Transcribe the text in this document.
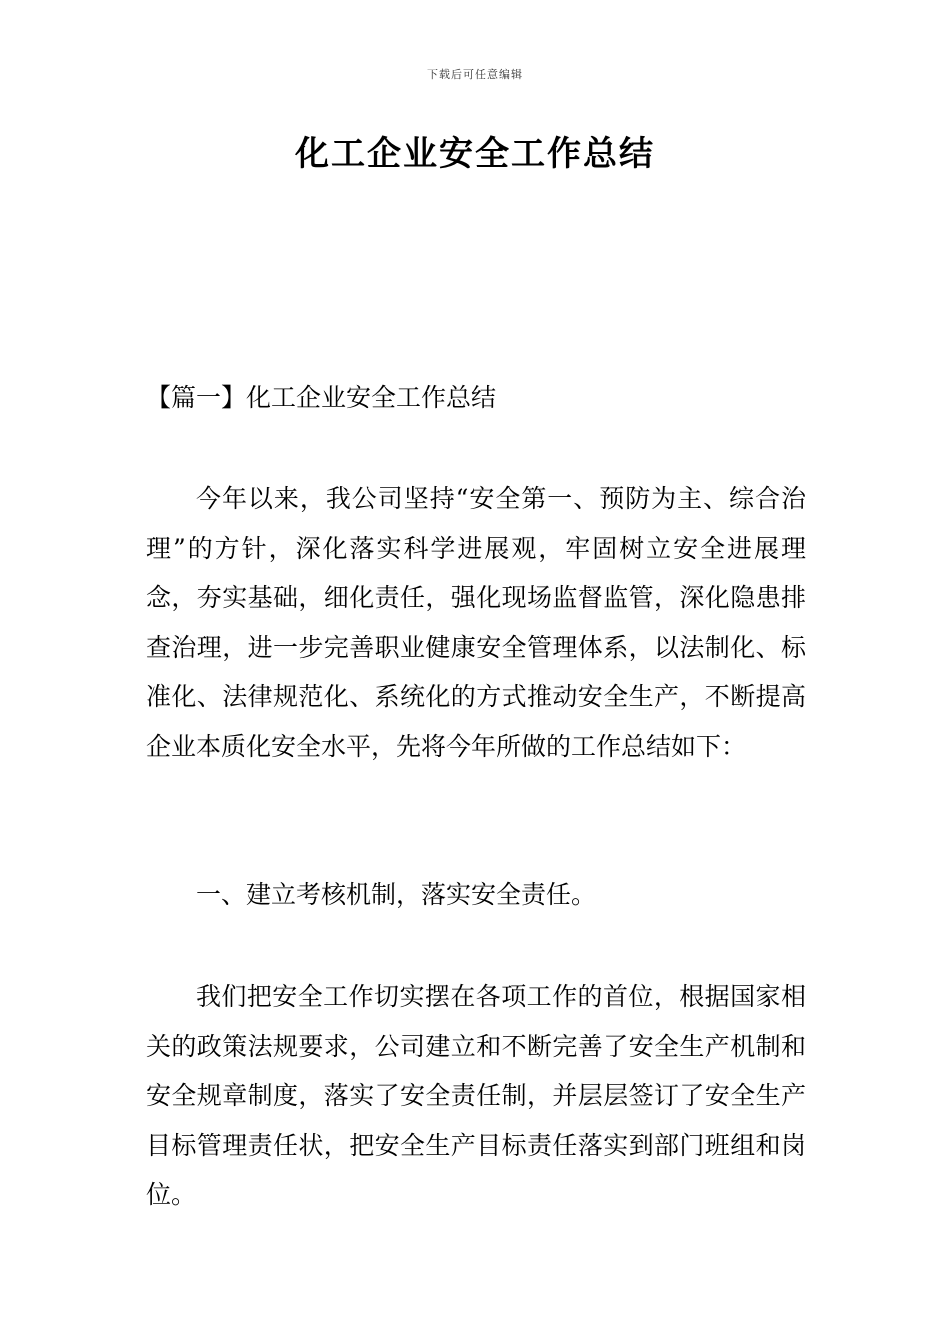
下载后可任意编辑
化工企业安全工作总结
【篇一】化工企业安全工作总结

今年以来，我公司坚持“安全第一、预防为主、综合治理”的方针，深化落实科学进展观，牢固树立安全进展理念，夯实基础，细化责任，强化现场监督监管，深化隐患排查治理，进一步完善职业健康安全管理体系，以法制化、标准化、法律规范化、系统化的方式推动安全生产，不断提高企业本质化安全水平，先将今年所做的工作总结如下：

一、建立考核机制，落实安全责任。

我们把安全工作切实摆在各项工作的首位，根据国家相关的政策法规要求，公司建立和不断完善了安全生产机制和安全规章制度，落实了安全责任制，并层层签订了安全生产目标管理责任状，把安全生产目标责任落实到部门班组和岗位。
